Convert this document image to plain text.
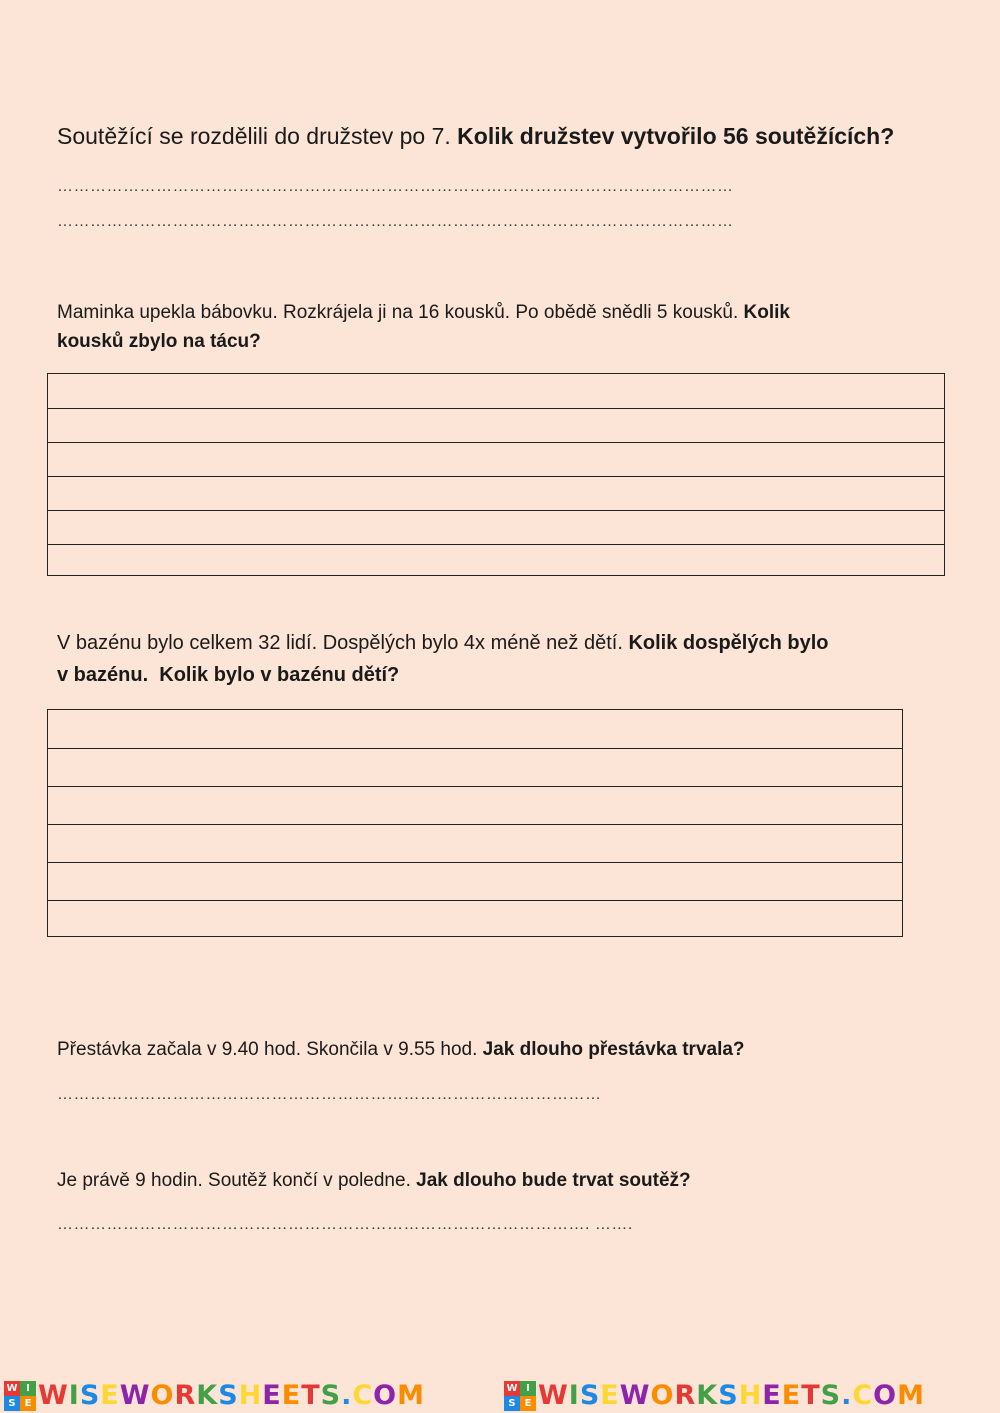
Soutěžící se rozdělili do družstev po 7. Kolik družstev vytvořilo 56 soutěžících?

……………………………………………………………………………………………………………
……………………………………………………………………………………………………………

Maminka upekla bábovku. Rozkrájela ji na 16 kousků. Po obědě snědli 5 kousků. Kolik
kousků zbylo na tácu?

V bazénu bylo celkem 32 lidí. Dospělých bylo 4x méně než dětí. Kolik dospělých bylo
v bazénu.  Kolik bylo v bazénu dětí?

Přestávka začala v 9.40 hod. Skončila v 9.55 hod. Jak dlouho přestávka trvala?

………………………………………………………………………………………

Je právě 9 hodin. Soutěž končí v poledne. Jak dlouho bude trvat soutěž?

……………………………………………………………………………………. …….
W I
S E WISEWORKSHEETS.COM	W I
S E WISEWORKSHEETS.COM
